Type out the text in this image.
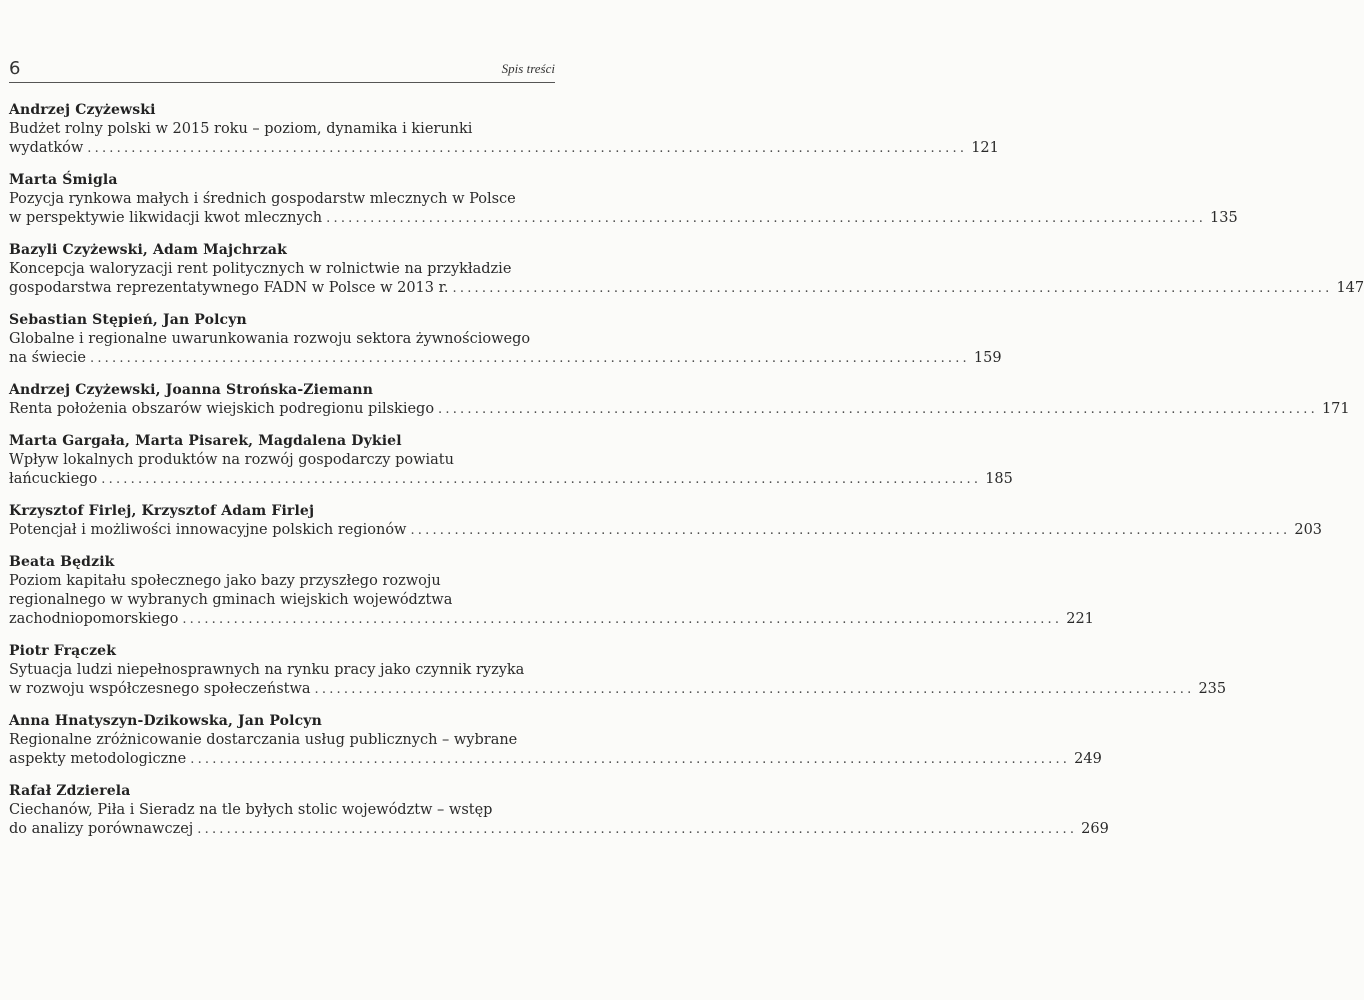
6	Spis treści
Andrzej Czyżewski
Budżet rolny polski w 2015 roku – poziom, dynamika i kierunki
wydatków ........................................................................................................................ 121
Marta Śmigla
Pozycja rynkowa małych i średnich gospodarstw mlecznych w Polsce
w perspektywie likwidacji kwot mlecznych ........................................................................................................................ 135
Bazyli Czyżewski, Adam Majchrzak
Koncepcja waloryzacji rent politycznych w rolnictwie na przykładzie
gospodarstwa reprezentatywnego FADN w Polsce w 2013 r. ........................................................................................................................ 147
Sebastian Stępień, Jan Polcyn
Globalne i regionalne uwarunkowania rozwoju sektora żywnościowego
na świecie ........................................................................................................................ 159
Andrzej Czyżewski, Joanna Strońska-Ziemann
Renta położenia obszarów wiejskich podregionu pilskiego ........................................................................................................................ 171
Marta Gargała, Marta Pisarek, Magdalena Dykiel
Wpływ lokalnych produktów na rozwój gospodarczy powiatu
łańcuckiego ........................................................................................................................ 185
Krzysztof Firlej, Krzysztof Adam Firlej
Potencjał i możliwości innowacyjne polskich regionów ........................................................................................................................ 203
Beata Będzik
Poziom kapitału społecznego jako bazy przyszłego rozwoju
regionalnego w wybranych gminach wiejskich województwa
zachodniopomorskiego ........................................................................................................................ 221
Piotr Frączek
Sytuacja ludzi niepełnosprawnych na rynku pracy jako czynnik ryzyka
w rozwoju współczesnego społeczeństwa ........................................................................................................................ 235
Anna Hnatyszyn-Dzikowska, Jan Polcyn
Regionalne zróżnicowanie dostarczania usług publicznych – wybrane
aspekty metodologiczne ........................................................................................................................ 249
Rafał Zdzierela
Ciechanów, Piła i Sieradz na tle byłych stolic województw – wstęp
do analizy porównawczej ........................................................................................................................ 269
